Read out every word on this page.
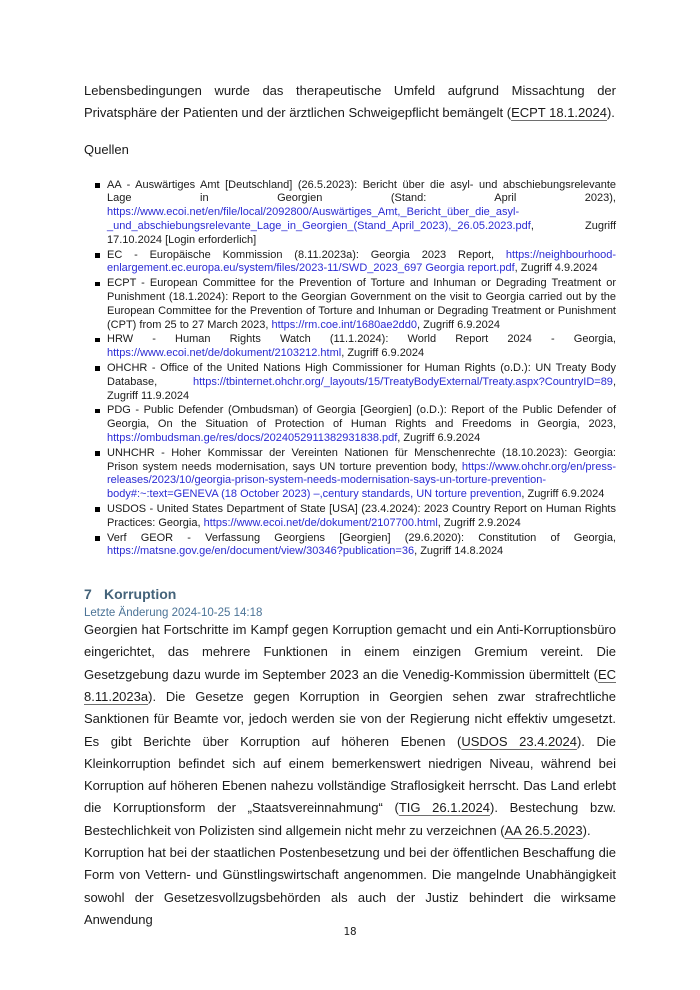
Lebensbedingungen wurde das therapeutische Umfeld aufgrund Missachtung der Privatsphäre der Patienten und der ärztlichen Schweigepflicht bemängelt (ECPT 18.1.2024).

Quellen

AA - Auswärtiges Amt [Deutschland] (26.5.2023): Bericht über die asyl- und abschiebungsrelevante Lage in Georgien (Stand: April 2023), https://www.ecoi.net/en/file/local/2092800/Auswärtiges_Amt,_Bericht_über_die_asyl-_und_abschiebungsrelevante_Lage_in_Georgien_(Stand_April_2023),_26.05.2023.pdf, Zugriff 17.10.2024 [Login erforderlich]
EC - Europäische Kommission (8.11.2023a): Georgia 2023 Report, https://neighbourhood-enlargement.ec.europa.eu/system/files/2023-11/SWD_2023_697 Georgia report.pdf, Zugriff 4.9.2024
ECPT - European Committee for the Prevention of Torture and Inhuman or Degrading Treatment or Punishment (18.1.2024): Report to the Georgian Government on the visit to Georgia carried out by the European Committee for the Prevention of Torture and Inhuman or Degrading Treatment or Punishment (CPT) from 25 to 27 March 2023, https://rm.coe.int/1680ae2dd0, Zugriff 6.9.2024
HRW - Human Rights Watch (11.1.2024): World Report 2024 - Georgia, https://www.ecoi.net/de/dokument/2103212.html, Zugriff 6.9.2024
OHCHR - Office of the United Nations High Commissioner for Human Rights (o.D.): UN Treaty Body Database, https://tbinternet.ohchr.org/_layouts/15/TreatyBodyExternal/Treaty.aspx?CountryID=89, Zugriff 11.9.2024
PDG - Public Defender (Ombudsman) of Georgia [Georgien] (o.D.): Report of the Public Defender of Georgia, On the Situation of Protection of Human Rights and Freedoms in Georgia, 2023, https://ombudsman.ge/res/docs/2024052911382931838.pdf, Zugriff 6.9.2024
UNHCHR - Hoher Kommissar der Vereinten Nationen für Menschenrechte (18.10.2023): Georgia: Prison system needs modernisation, says UN torture prevention body, https://www.ohchr.org/en/press-releases/2023/10/georgia-prison-system-needs-modernisation-says-un-torture-prevention-body#:~:text=GENEVA (18 October 2023) –,century standards, UN torture prevention, Zugriff 6.9.2024
USDOS - United States Department of State [USA] (23.4.2024): 2023 Country Report on Human Rights Practices: Georgia, https://www.ecoi.net/de/dokument/2107700.html, Zugriff 2.9.2024
Verf GEOR - Verfassung Georgiens [Georgien] (29.6.2020): Constitution of Georgia, https://matsne.gov.ge/en/document/view/30346?publication=36, Zugriff 14.8.2024
7 Korruption

Letzte Änderung 2024-10-25 14:18

Georgien hat Fortschritte im Kampf gegen Korruption gemacht und ein Anti-Korruptionsbüro eingerichtet, das mehrere Funktionen in einem einzigen Gremium vereint. Die Gesetzgebung dazu wurde im September 2023 an die Venedig-Kommission übermittelt (EC 8.11.2023a). Die Gesetze gegen Korruption in Georgien sehen zwar strafrechtliche Sanktionen für Beamte vor, jedoch werden sie von der Regierung nicht effektiv umgesetzt. Es gibt Berichte über Korruption auf höheren Ebenen (USDOS 23.4.2024). Die Kleinkorruption befindet sich auf einem bemerkenswert niedrigen Niveau, während bei Korruption auf höheren Ebenen nahezu vollständige Straflosigkeit herrscht. Das Land erlebt die Korruptionsform der „Staatsvereinnahmung“ (TIG 26.1.2024). Bestechung bzw. Bestechlichkeit von Polizisten sind allgemein nicht mehr zu verzeichnen (AA 26.5.2023).

Korruption hat bei der staatlichen Postenbesetzung und bei der öffentlichen Beschaffung die Form von Vettern- und Günstlingswirtschaft angenommen. Die mangelnde Unabhängigkeit sowohl der Gesetzesvollzugsbehörden als auch der Justiz behindert die wirksame Anwendung

18
